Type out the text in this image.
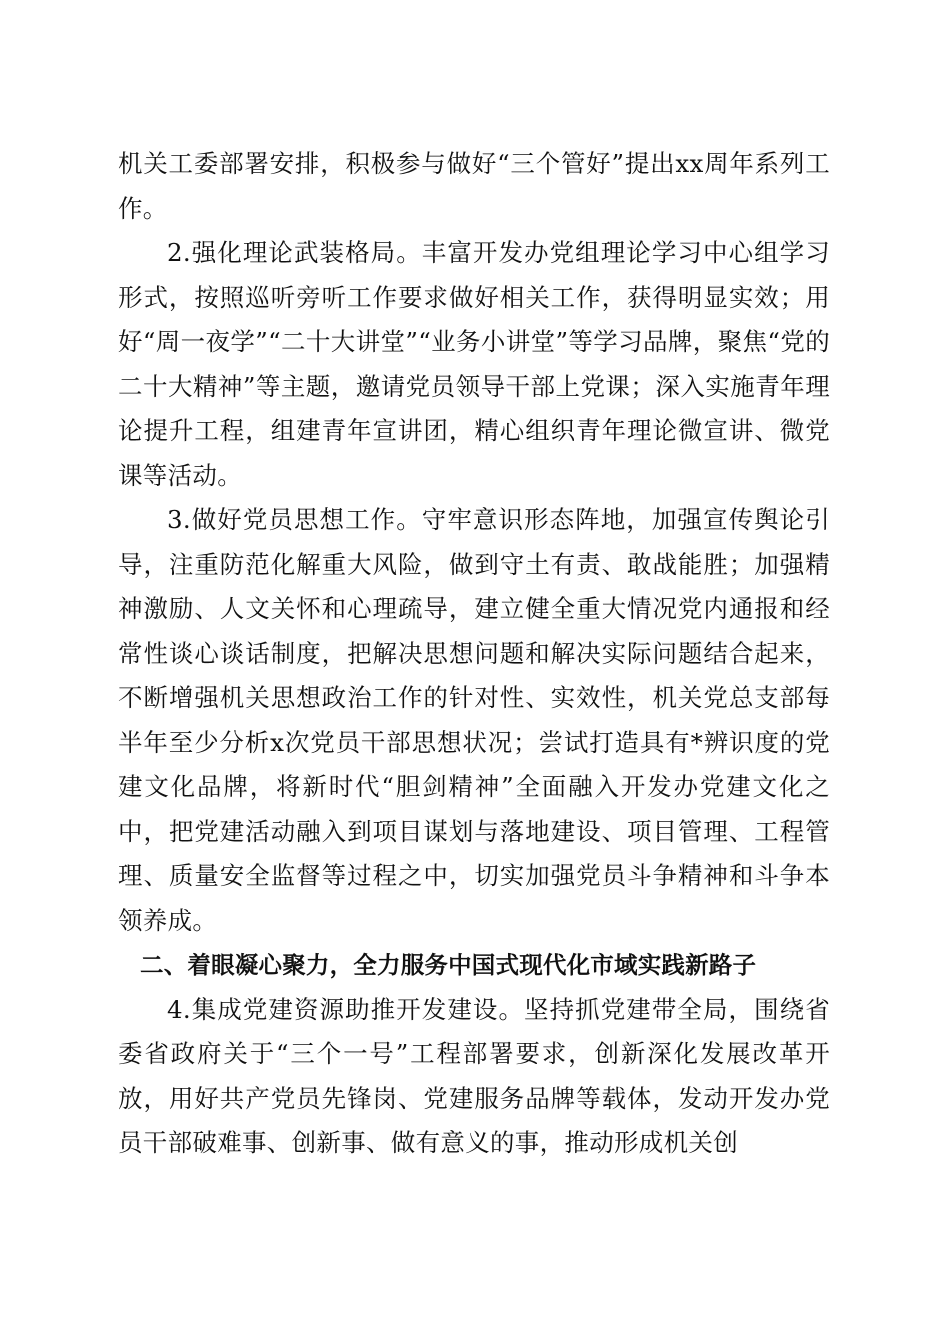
机关工委部署安排，积极参与做好“三个管好”提出xx周年系列工作。

2.强化理论武装格局。丰富开发办党组理论学习中心组学习形式，按照巡听旁听工作要求做好相关工作，获得明显实效；用好“周一夜学”“二十大讲堂”“业务小讲堂”等学习品牌，聚焦“党的二十大精神”等主题，邀请党员领导干部上党课；深入实施青年理论提升工程，组建青年宣讲团，精心组织青年理论微宣讲、微党课等活动。

3.做好党员思想工作。守牢意识形态阵地，加强宣传舆论引导，注重防范化解重大风险，做到守土有责、敢战能胜；加强精神激励、人文关怀和心理疏导，建立健全重大情况党内通报和经常性谈心谈话制度，把解决思想问题和解决实际问题结合起来，不断增强机关思想政治工作的针对性、实效性，机关党总支部每半年至少分析x次党员干部思想状况；尝试打造具有*辨识度的党建文化品牌，将新时代“胆剑精神”全面融入开发办党建文化之中，把党建活动融入到项目谋划与落地建设、项目管理、工程管理、质量安全监督等过程之中，切实加强党员斗争精神和斗争本领养成。

二、着眼凝心聚力，全力服务中国式现代化市域实践新路子

4.集成党建资源助推开发建设。坚持抓党建带全局，围绕省委省政府关于“三个一号”工程部署要求，创新深化发展改革开放，用好共产党员先锋岗、党建服务品牌等载体，发动开发办党员干部破难事、创新事、做有意义的事，推动形成机关创
